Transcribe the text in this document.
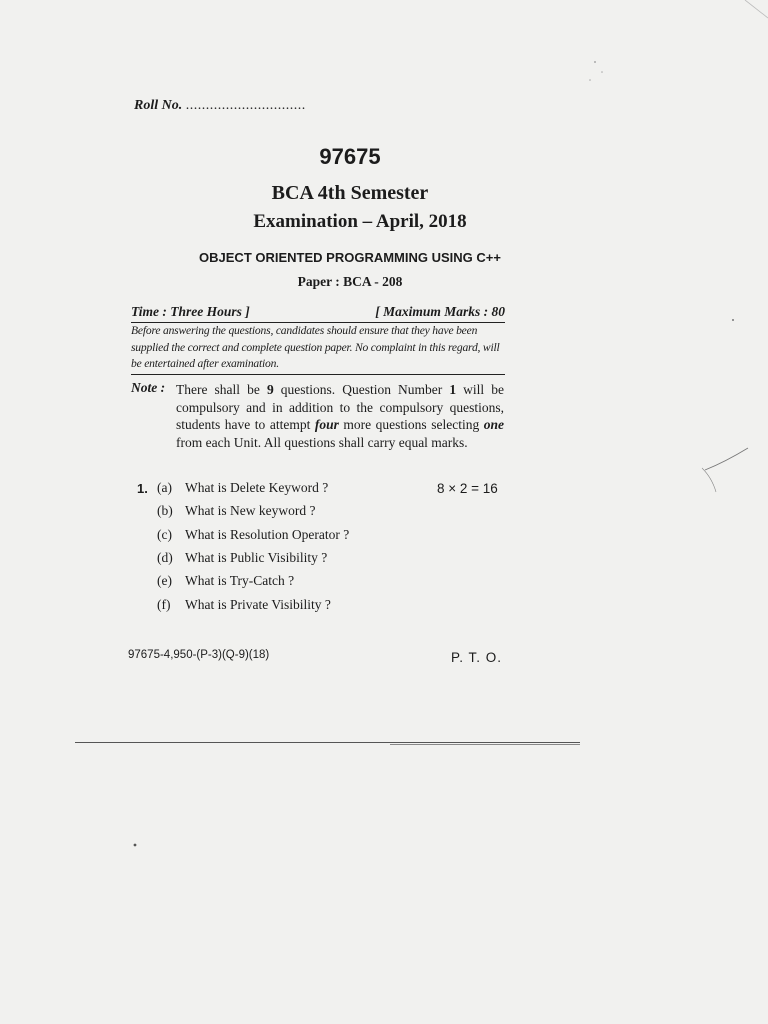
Roll No. ..............................
97675
BCA 4th Semester
Examination – April, 2018
OBJECT ORIENTED PROGRAMMING USING C++
Paper : BCA - 208
Time : Three Hours ]	[ Maximum Marks : 80
Before answering the questions, candidates should ensure that they have been supplied the correct and complete question paper. No complaint in this regard, will be entertained after examination.
Note : There shall be 9 questions. Question Number 1 will be compulsory and in addition to the compulsory questions, students have to attempt four more questions selecting one from each Unit. All questions shall carry equal marks.
1.	8 × 2 = 16
(a) What is Delete Keyword ?
(b) What is New keyword ?
(c) What is Resolution Operator ?
(d) What is Public Visibility ?
(e) What is Try-Catch ?
(f) What is Private Visibility ?
97675-4,950-(P-3)(Q-9)(18)	P. T. O.
